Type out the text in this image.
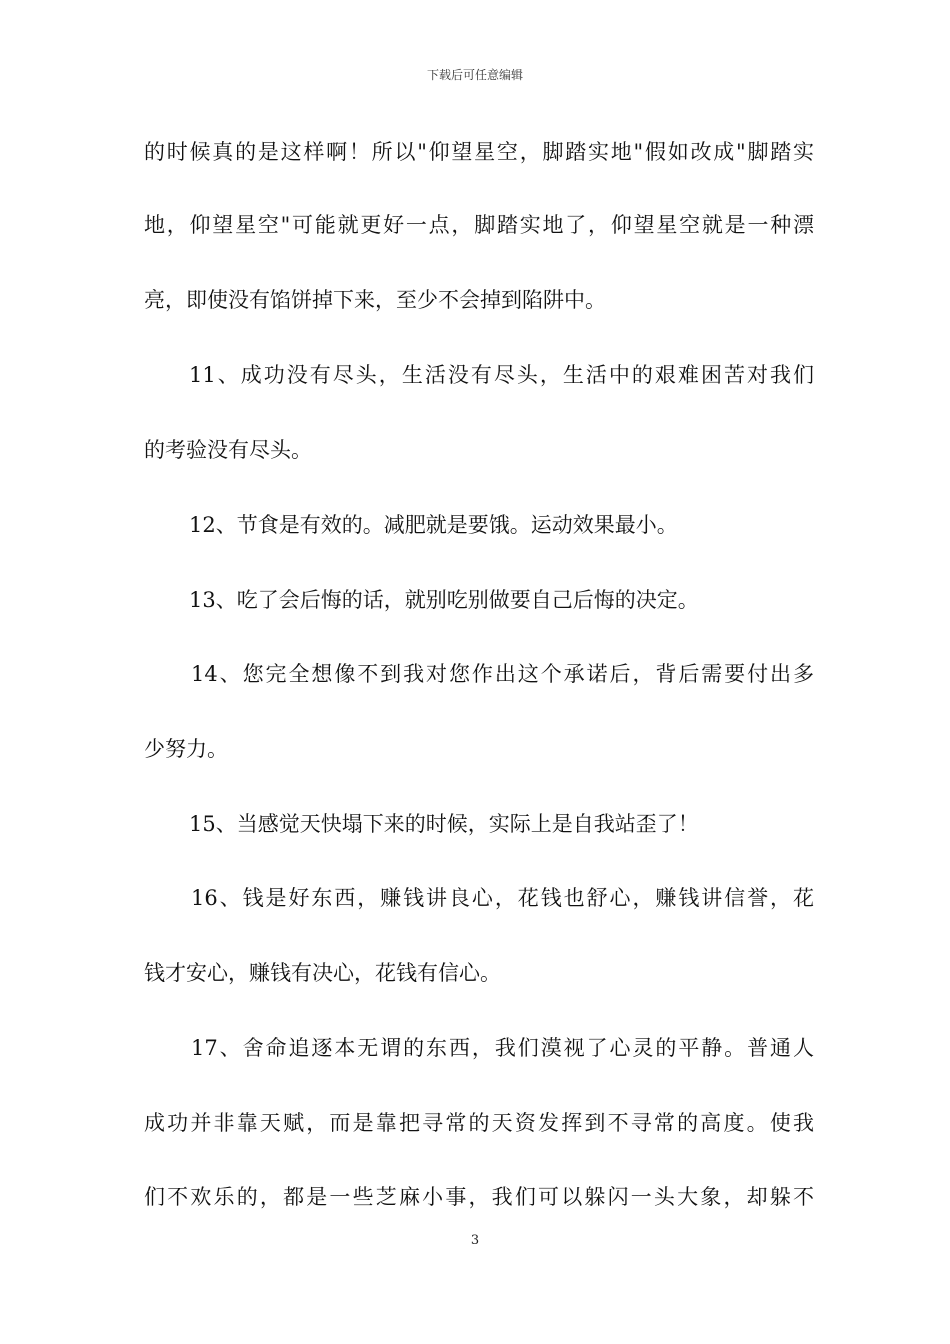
下载后可任意编辑
的时候真的是这样啊！所以"仰望星空，脚踏实地"假如改成"脚踏实
地，仰望星空"可能就更好一点，脚踏实地了，仰望星空就是一种漂
亮，即使没有馅饼掉下来，至少不会掉到陷阱中。
11、成功没有尽头，生活没有尽头，生活中的艰难困苦对我们
的考验没有尽头。
12、节食是有效的。减肥就是要饿。运动效果最小。
13、吃了会后悔的话，就别吃别做要自己后悔的决定。
14、您完全想像不到我对您作出这个承诺后，背后需要付出多
少努力。
15、当感觉天快塌下来的时候，实际上是自我站歪了！
16、钱是好东西，赚钱讲良心，花钱也舒心，赚钱讲信誉，花
钱才安心，赚钱有决心，花钱有信心。
17、舍命追逐本无谓的东西，我们漠视了心灵的平静。普通人
成功并非靠天赋，而是靠把寻常的天资发挥到不寻常的高度。使我
们不欢乐的，都是一些芝麻小事，我们可以躲闪一头大象，却躲不
3
